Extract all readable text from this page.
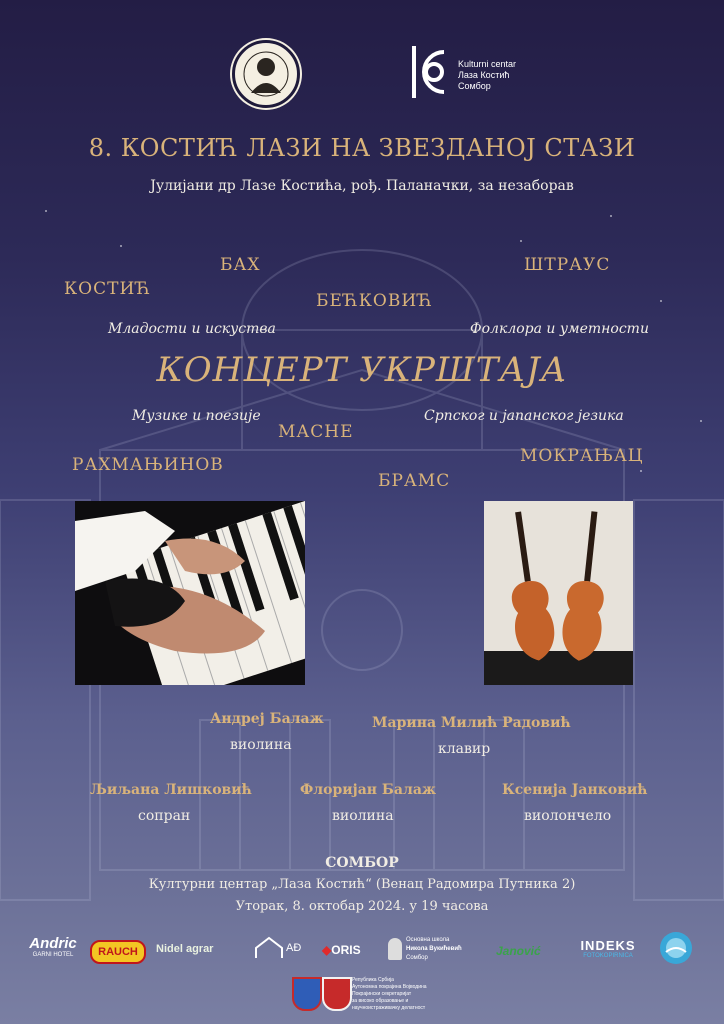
Kulturni centar
Лаза Костић
Сомбор
8. КОСТИЋ ЛАЗИ НА ЗВЕЗДАНОЈ СТАЗИ
Јулијани др Лазе Костића, рођ. Паланачки, за незаборав
БАХ	ШТРАУС
КОСТИЋ
БЕЋКОВИЋ
Младости и искуства	Фолклора и уметности
КОНЦЕРТ УКРШТАЈА
Музике и поезије	Српског и јапанског језика
МАСНЕ
МОКРАЊАЦ
РАХМАЊИНОВ
БРАМС
Андреј Балаж
виолина
Марина Милић Радовић
клавир
Љиљана Лишковић
сопран
Флоријан Балаж
виолина
Ксенија Јанковић
виолончело
СОМБОР
Културни центар „Лаза Костић“ (Венац Радомира Путника 2)
Уторак, 8. октобар 2024. у 19 часова
Andric
GARNI HOTEL	RAUCH	Nidel agrar	AĐ ◆ORIS
Основна школа
Никола Вукићевић
Сомбор	Janović	INDEKS
FOTOKOPIRNICA
Република Србија
Аутономна покрајина Војводина
Покрајински секретаријат
за високо образовање и
научноистраживачку делатност
